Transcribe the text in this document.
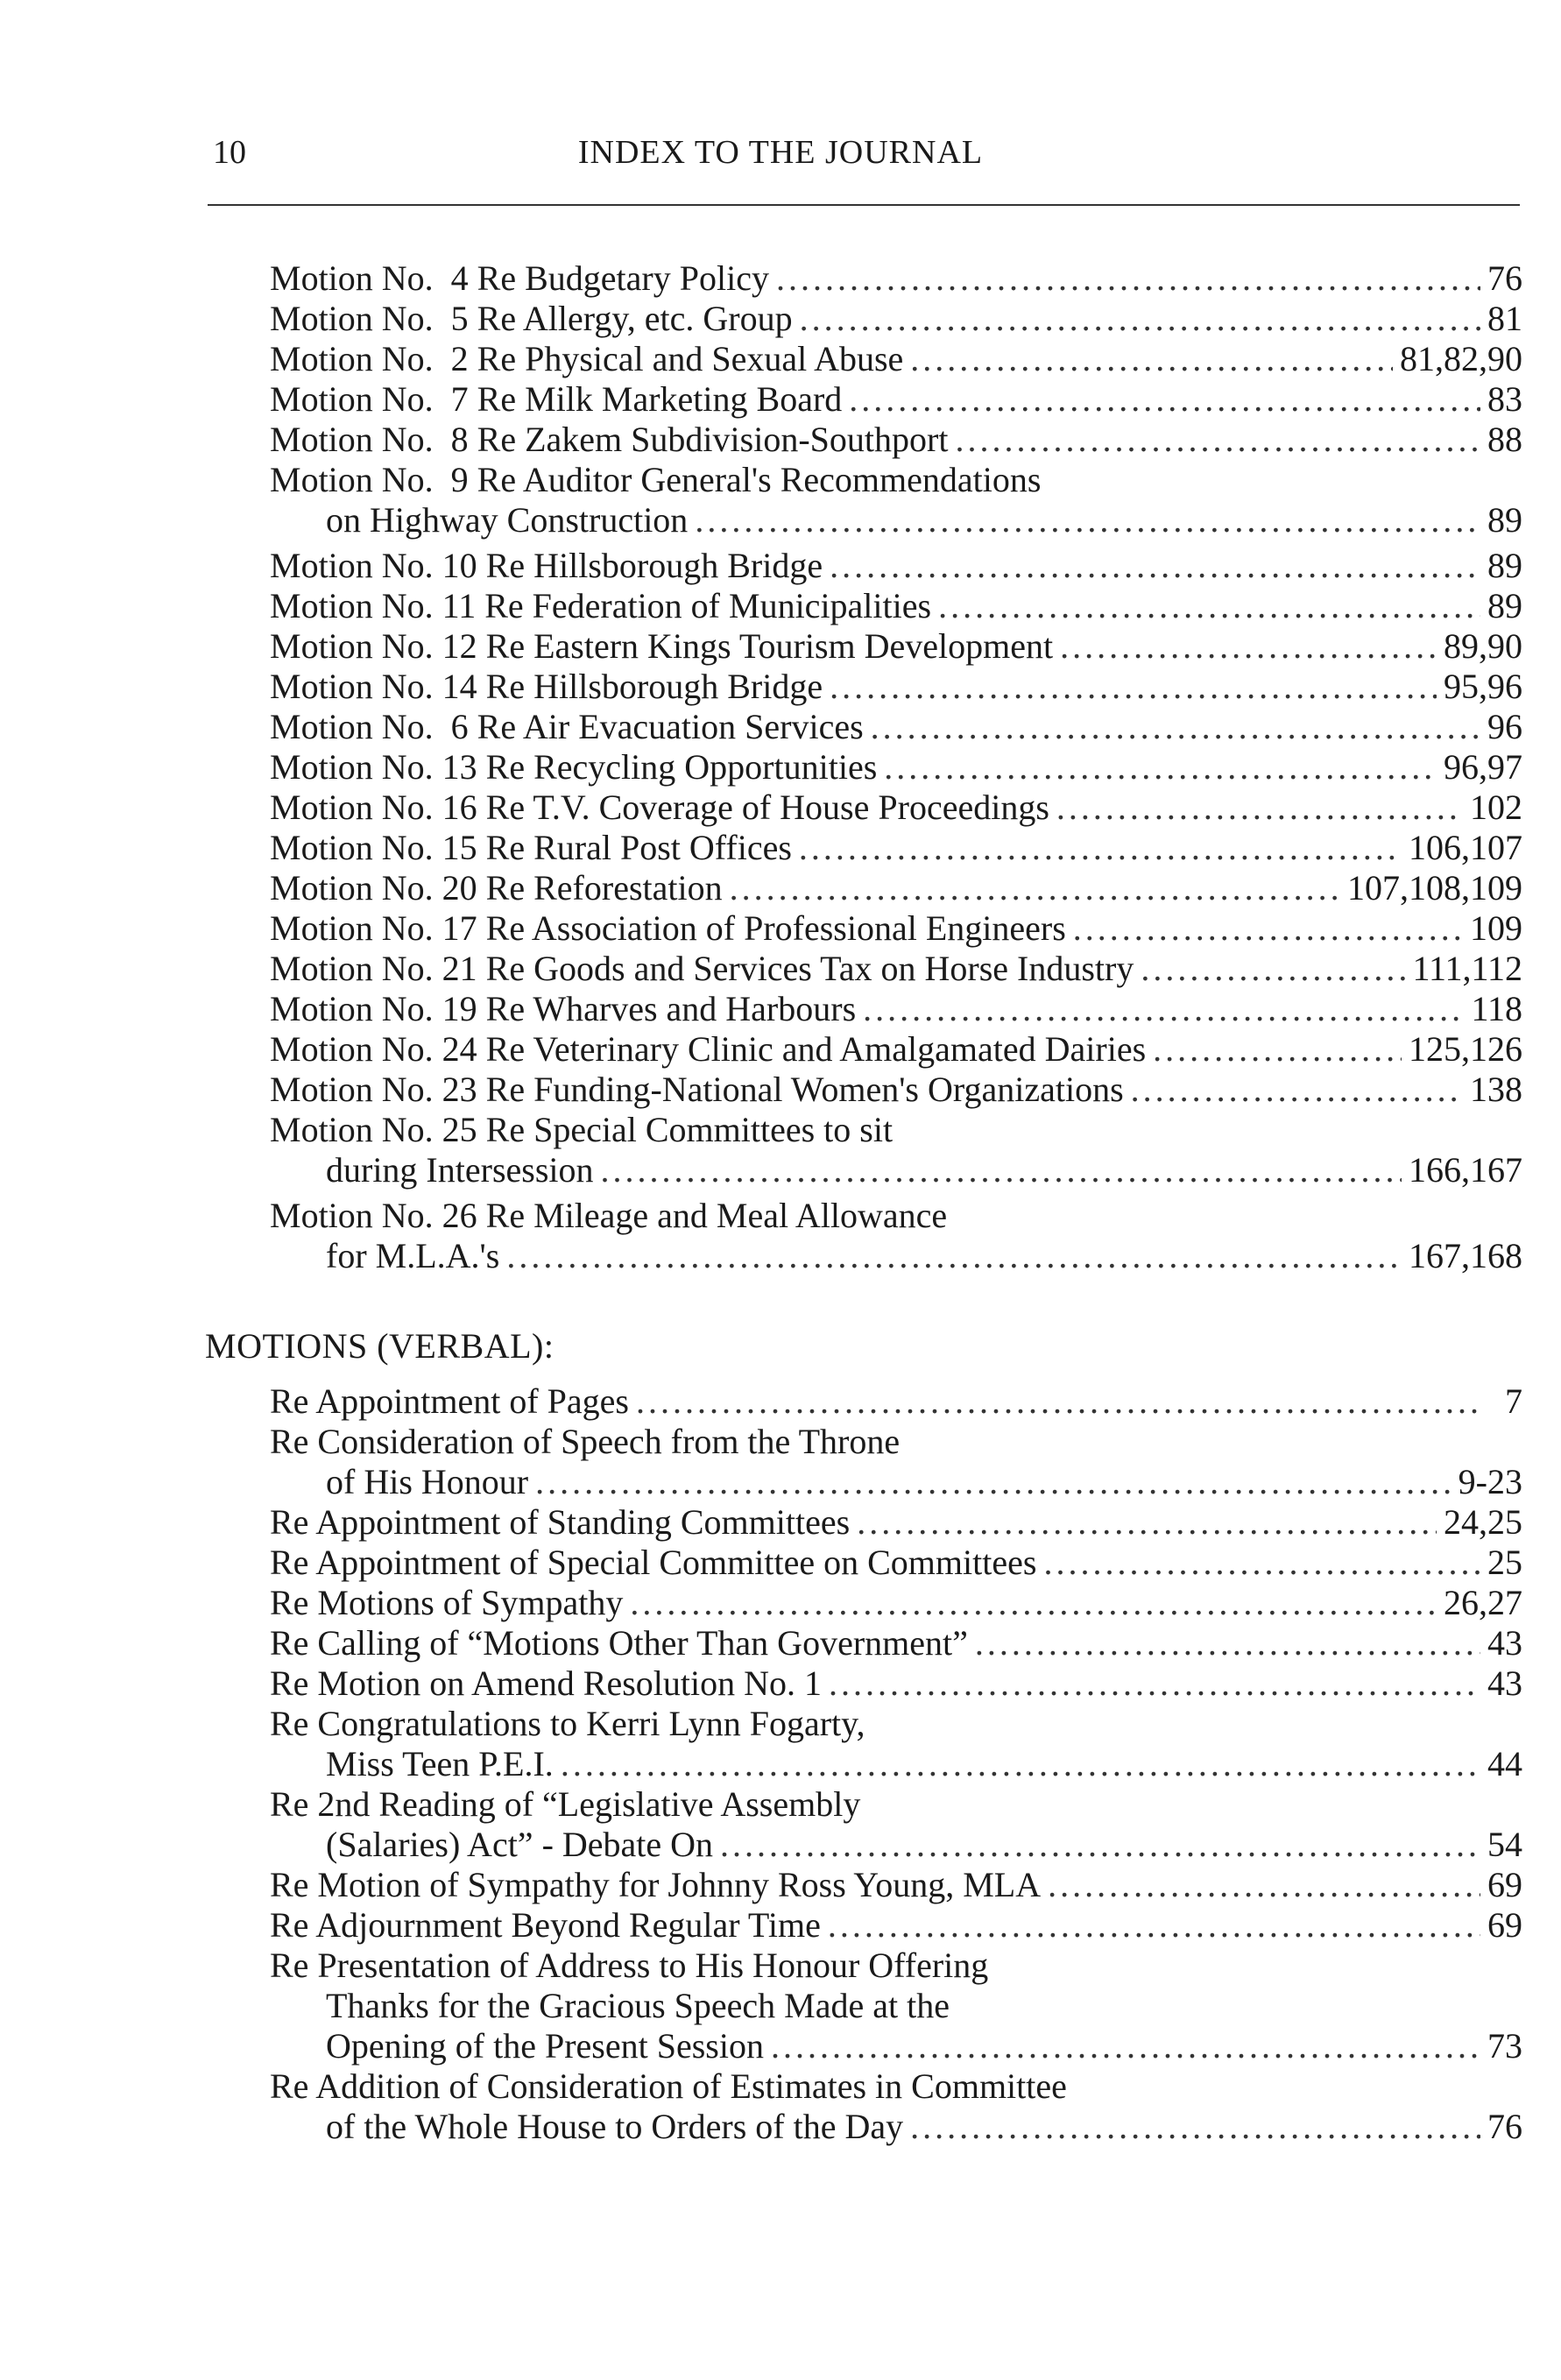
10	INDEX TO THE JOURNAL
Motion No.  4 Re Budgetary Policy .....	76
Motion No.  5 Re Allergy, etc. Group .....	81
Motion No.  2 Re Physical and Sexual Abuse .....	81,82,90
Motion No.  7 Re Milk Marketing Board .....	83
Motion No.  8 Re Zakem Subdivision-Southport .....	88
Motion No.  9 Re Auditor General's Recommendations
on Highway Construction .....	89
Motion No. 10 Re Hillsborough Bridge .....	89
Motion No. 11 Re Federation of Municipalities .....	89
Motion No. 12 Re Eastern Kings Tourism Development .....	89,90
Motion No. 14 Re Hillsborough Bridge .....	95,96
Motion No.  6 Re Air Evacuation Services .....	96
Motion No. 13 Re Recycling Opportunities .....	96,97
Motion No. 16 Re T.V. Coverage of House Proceedings .....	102
Motion No. 15 Re Rural Post Offices .....	106,107
Motion No. 20 Re Reforestation .....	107,108,109
Motion No. 17 Re Association of Professional Engineers .....	109
Motion No. 21 Re Goods and Services Tax on Horse Industry .....	111,112
Motion No. 19 Re Wharves and Harbours .....	118
Motion No. 24 Re Veterinary Clinic and Amalgamated Dairies .....	125,126
Motion No. 23 Re Funding-National Women's Organizations .....	138
Motion No. 25 Re Special Committees to sit
during Intersession .....	166,167
Motion No. 26 Re Mileage and Meal Allowance
for M.L.A.'s .....	167,168
MOTIONS (VERBAL):
Re Appointment of Pages .....	7
Re Consideration of Speech from the Throne
of His Honour .....	9-23
Re Appointment of Standing Committees .....	24,25
Re Appointment of Special Committee on Committees .....	25
Re Motions of Sympathy .....	26,27
Re Calling of “Motions Other Than Government” .....	43
Re Motion on Amend Resolution No. 1 .....	43
Re Congratulations to Kerri Lynn Fogarty,
Miss Teen P.E.I. .....	44
Re 2nd Reading of “Legislative Assembly
(Salaries) Act” - Debate On .....	54
Re Motion of Sympathy for Johnny Ross Young, MLA .....	69
Re Adjournment Beyond Regular Time .....	69
Re Presentation of Address to His Honour Offering
Thanks for the Gracious Speech Made at the
Opening of the Present Session .....	73
Re Addition of Consideration of Estimates in Committee
of the Whole House to Orders of the Day .....	76
